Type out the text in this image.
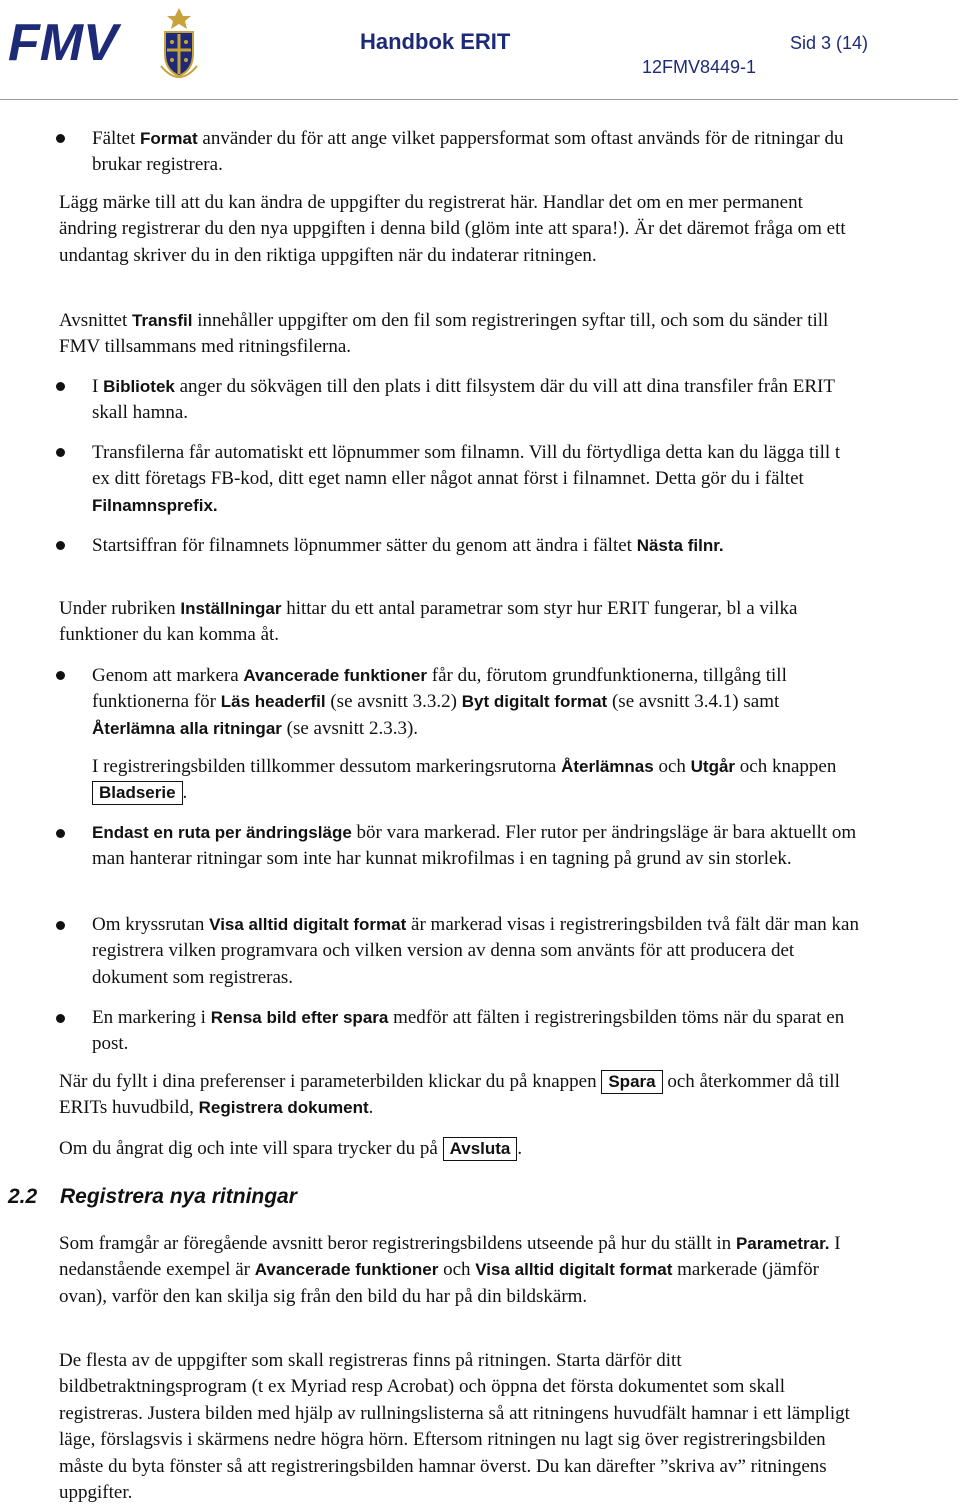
FMV	Handbok ERIT	Sid 3 (14)
12FMV8449-1

Fältet Format använder du för att ange vilket pappersformat som oftast används för de ritningar du brukar registrera.

Lägg märke till att du kan ändra de uppgifter du registrerat här. Handlar det om en mer permanent ändring registrerar du den nya uppgiften i denna bild (glöm inte att spara!). Är det däremot fråga om ett undantag skriver du in den riktiga uppgiften när du indaterar ritningen.

Avsnittet Transfil innehåller uppgifter om den fil som registreringen syftar till, och som du sänder till FMV tillsammans med ritningsfilerna.

I Bibliotek anger du sökvägen till den plats i ditt filsystem där du vill att dina transfiler från ERIT skall hamna.

Transfilerna får automatiskt ett löpnummer som filnamn. Vill du förtydliga detta kan du lägga till t ex ditt företags FB-kod, ditt eget namn eller något annat först i filnamnet. Detta gör du i fältet Filnamnsprefix.

Startsiffran för filnamnets löpnummer sätter du genom att ändra i fältet Nästa filnr.

Under rubriken Inställningar hittar du ett antal parametrar som styr hur ERIT fungerar, bl a vilka funktioner du kan komma åt.

Genom att markera Avancerade funktioner får du, förutom grundfunktionerna, tillgång till funktionerna för Läs headerfil (se avsnitt 3.3.2) Byt digitalt format (se avsnitt 3.4.1) samt Återlämna alla ritningar (se avsnitt 2.3.3).

I registreringsbilden tillkommer dessutom markeringsrutorna Återlämnas och Utgår och knappen Bladserie .

Endast en ruta per ändringsläge bör vara markerad. Fler rutor per ändringsläge är bara aktuellt om man hanterar ritningar som inte har kunnat mikrofilmas i en tagning på grund av sin storlek.

Om kryssrutan Visa alltid digitalt format är markerad visas i registreringsbilden två fält där man kan registrera vilken programvara och vilken version av denna som använts för att producera det dokument som registreras.

En markering i Rensa bild efter spara medför att fälten i registreringsbilden töms när du sparat en post.

När du fyllt i dina preferenser i parameterbilden klickar du på knappen Spara och återkommer då till ERITs huvudbild, Registrera dokument.

Om du ångrat dig och inte vill spara trycker du på Avsluta .

2.2 Registrera nya ritningar

Som framgår ar föregående avsnitt beror registreringsbildens utseende på hur du ställt in Parametrar. I nedanstående exempel är Avancerade funktioner och Visa alltid digitalt format markerade (jämför ovan), varför den kan skilja sig från den bild du har på din bildskärm.

De flesta av de uppgifter som skall registreras finns på ritningen. Starta därför ditt bildbetraktningsprogram (t ex Myriad resp Acrobat) och öppna det första dokumentet som skall registreras. Justera bilden med hjälp av rullningslisterna så att ritningens huvudfält hamnar i ett lämpligt läge, förslagsvis i skärmens nedre högra hörn. Eftersom ritningen nu lagt sig över registreringsbilden måste du byta fönster så att registreringsbilden hamnar överst. Du kan därefter ”skriva av” ritningens uppgifter.
